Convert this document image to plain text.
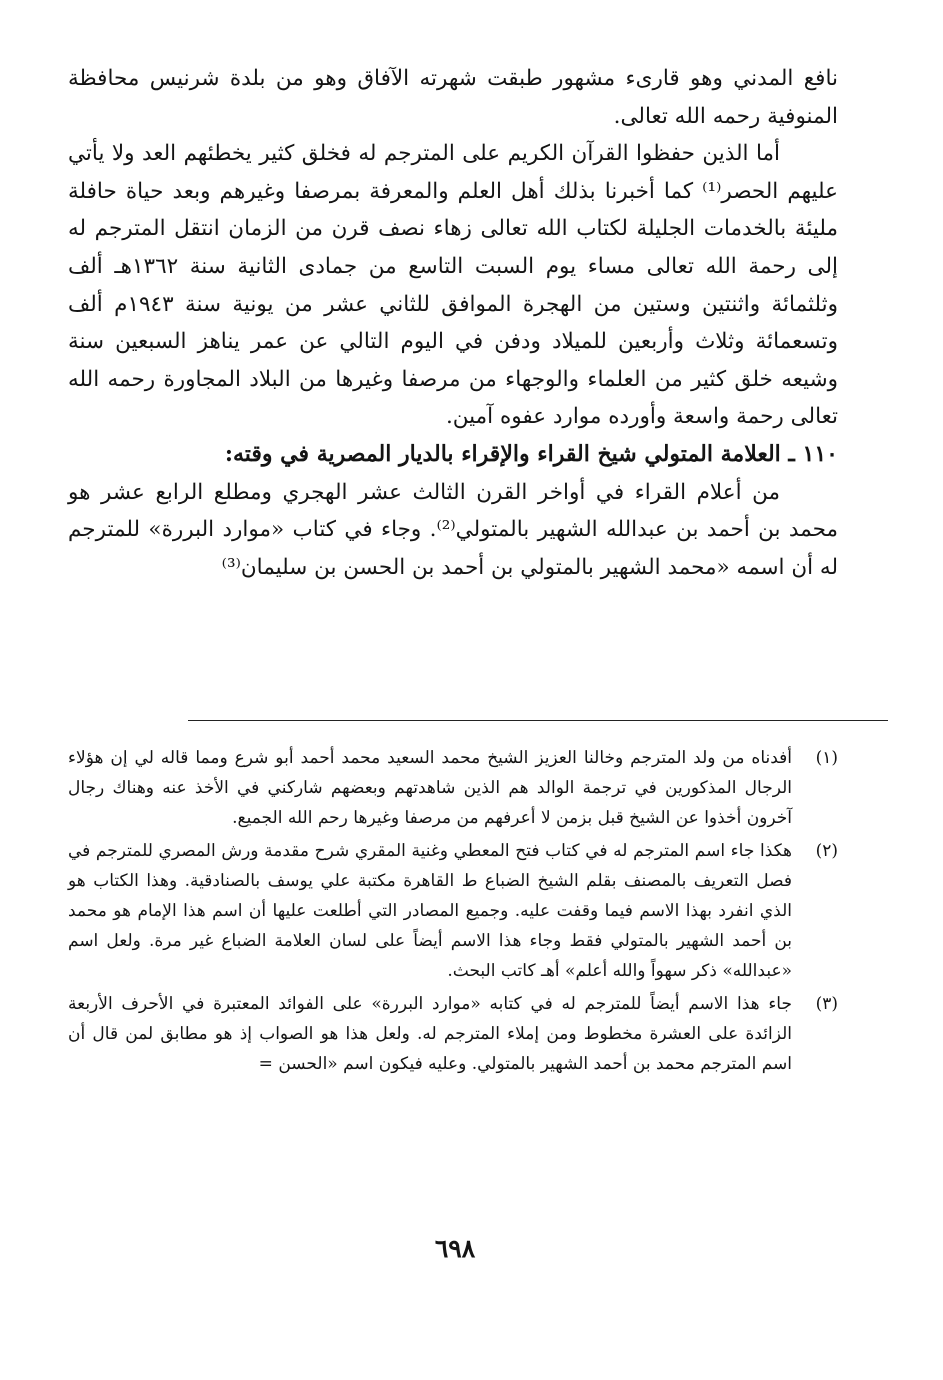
نافع المدني وهو قارىء مشهور طبقت شهرته الآفاق وهو من بلدة شرنيس محافظة المنوفية رحمه الله تعالى.

أما الذين حفظوا القرآن الكريم على المترجم له فخلق كثير يخطئهم العد ولا يأتي عليهم الحصر⁽¹⁾ كما أخبرنا بذلك أهل العلم والمعرفة بمرصفا وغيرهم وبعد حياة حافلة مليئة بالخدمات الجليلة لكتاب الله تعالى زهاء نصف قرن من الزمان انتقل المترجم له إلى رحمة الله تعالى مساء يوم السبت التاسع من جمادى الثانية سنة ١٣٦٢هـ ألف وثلثمائة واثنتين وستين من الهجرة الموافق للثاني عشر من يونية سنة ١٩٤٣م ألف وتسعمائة وثلاث وأربعين للميلاد ودفن في اليوم التالي عن عمر يناهز السبعين سنة وشيعه خلق كثير من العلماء والوجهاء من مرصفا وغيرها من البلاد المجاورة رحمه الله تعالى رحمة واسعة وأورده موارد عفوه آمين.

١١٠ ـ العلامة المتولي شيخ القراء والإقراء بالديار المصرية في وقته:

من أعلام القراء في أواخر القرن الثالث عشر الهجري ومطلع الرابع عشر هو محمد بن أحمد بن عبدالله الشهير بالمتولي⁽²⁾. وجاء في كتاب «موارد البررة» للمترجم له أن اسمه «محمد الشهير بالمتولي بن أحمد بن الحسن بن سليمان⁽³⁾

(١)
أفدناه من ولد المترجم وخالنا العزيز الشيخ محمد السعيد محمد أحمد أبو شرع ومما قاله لي إن هؤلاء الرجال المذكورين في ترجمة الوالد هم الذين شاهدتهم وبعضهم شاركني في الأخذ عنه وهناك رجال آخرون أخذوا عن الشيخ قبل بزمن لا أعرفهم من مرصفا وغيرها رحم الله الجميع.
(٢)
هكذا جاء اسم المترجم له في كتاب فتح المعطي وغنية المقري شرح مقدمة ورش المصري للمترجم في فصل التعريف بالمصنف بقلم الشيخ الضباع ط القاهرة مكتبة علي يوسف بالصنادقية. وهذا الكتاب هو الذي انفرد بهذا الاسم فيما وقفت عليه. وجميع المصادر التي أطلعت عليها أن اسم هذا الإمام هو محمد بن أحمد الشهير بالمتولي فقط وجاء هذا الاسم أيضاً على لسان العلامة الضباع غير مرة. ولعل اسم «عبدالله» ذكر سهواً والله أعلم» أهـ كاتب البحث.
(٣)
جاء هذا الاسم أيضاً للمترجم له في كتابه «موارد البررة» على الفوائد المعتبرة في الأحرف الأربعة الزائدة على العشرة مخطوط ومن إملاء المترجم له. ولعل هذا هو الصواب إذ هو مطابق لمن قال أن اسم المترجم محمد بن أحمد الشهير بالمتولي. وعليه فيكون اسم «الحسن =
٦٩٨
